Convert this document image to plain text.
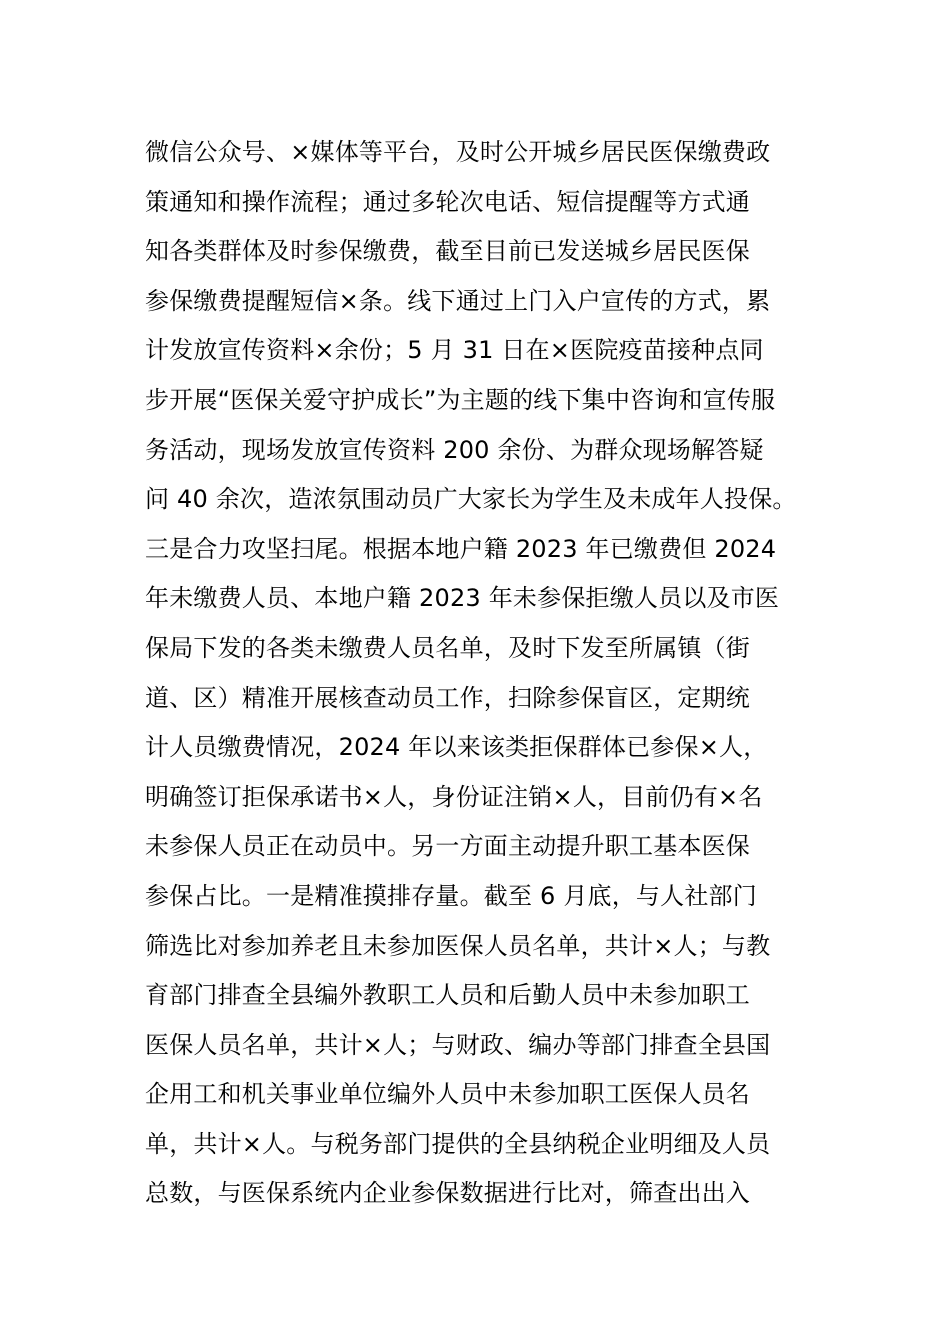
微信公众号、×媒体等平台，及时公开城乡居民医保缴费政
策通知和操作流程；通过多轮次电话、短信提醒等方式通
知各类群体及时参保缴费，截至目前已发送城乡居民医保
参保缴费提醒短信×条。线下通过上门入户宣传的方式，累
计发放宣传资料×余份；5 月 31 日在×医院疫苗接种点同
步开展“医保关爱守护成长”为主题的线下集中咨询和宣传服
务活动，现场发放宣传资料 200 余份、为群众现场解答疑
问 40 余次，造浓氛围动员广大家长为学生及未成年人投保。
三是合力攻坚扫尾。根据本地户籍 2023 年已缴费但 2024
年未缴费人员、本地户籍 2023 年未参保拒缴人员以及市医
保局下发的各类未缴费人员名单，及时下发至所属镇（街
道、区）精准开展核查动员工作，扫除参保盲区，定期统
计人员缴费情况，2024 年以来该类拒保群体已参保×人，
明确签订拒保承诺书×人，身份证注销×人，目前仍有×名
未参保人员正在动员中。另一方面主动提升职工基本医保
参保占比。一是精准摸排存量。截至 6 月底，与人社部门
筛选比对参加养老且未参加医保人员名单，共计×人；与教
育部门排查全县编外教职工人员和后勤人员中未参加职工
医保人员名单，共计×人；与财政、编办等部门排查全县国
企用工和机关事业单位编外人员中未参加职工医保人员名
单，共计×人。与税务部门提供的全县纳税企业明细及人员
总数，与医保系统内企业参保数据进行比对，筛查出出入
